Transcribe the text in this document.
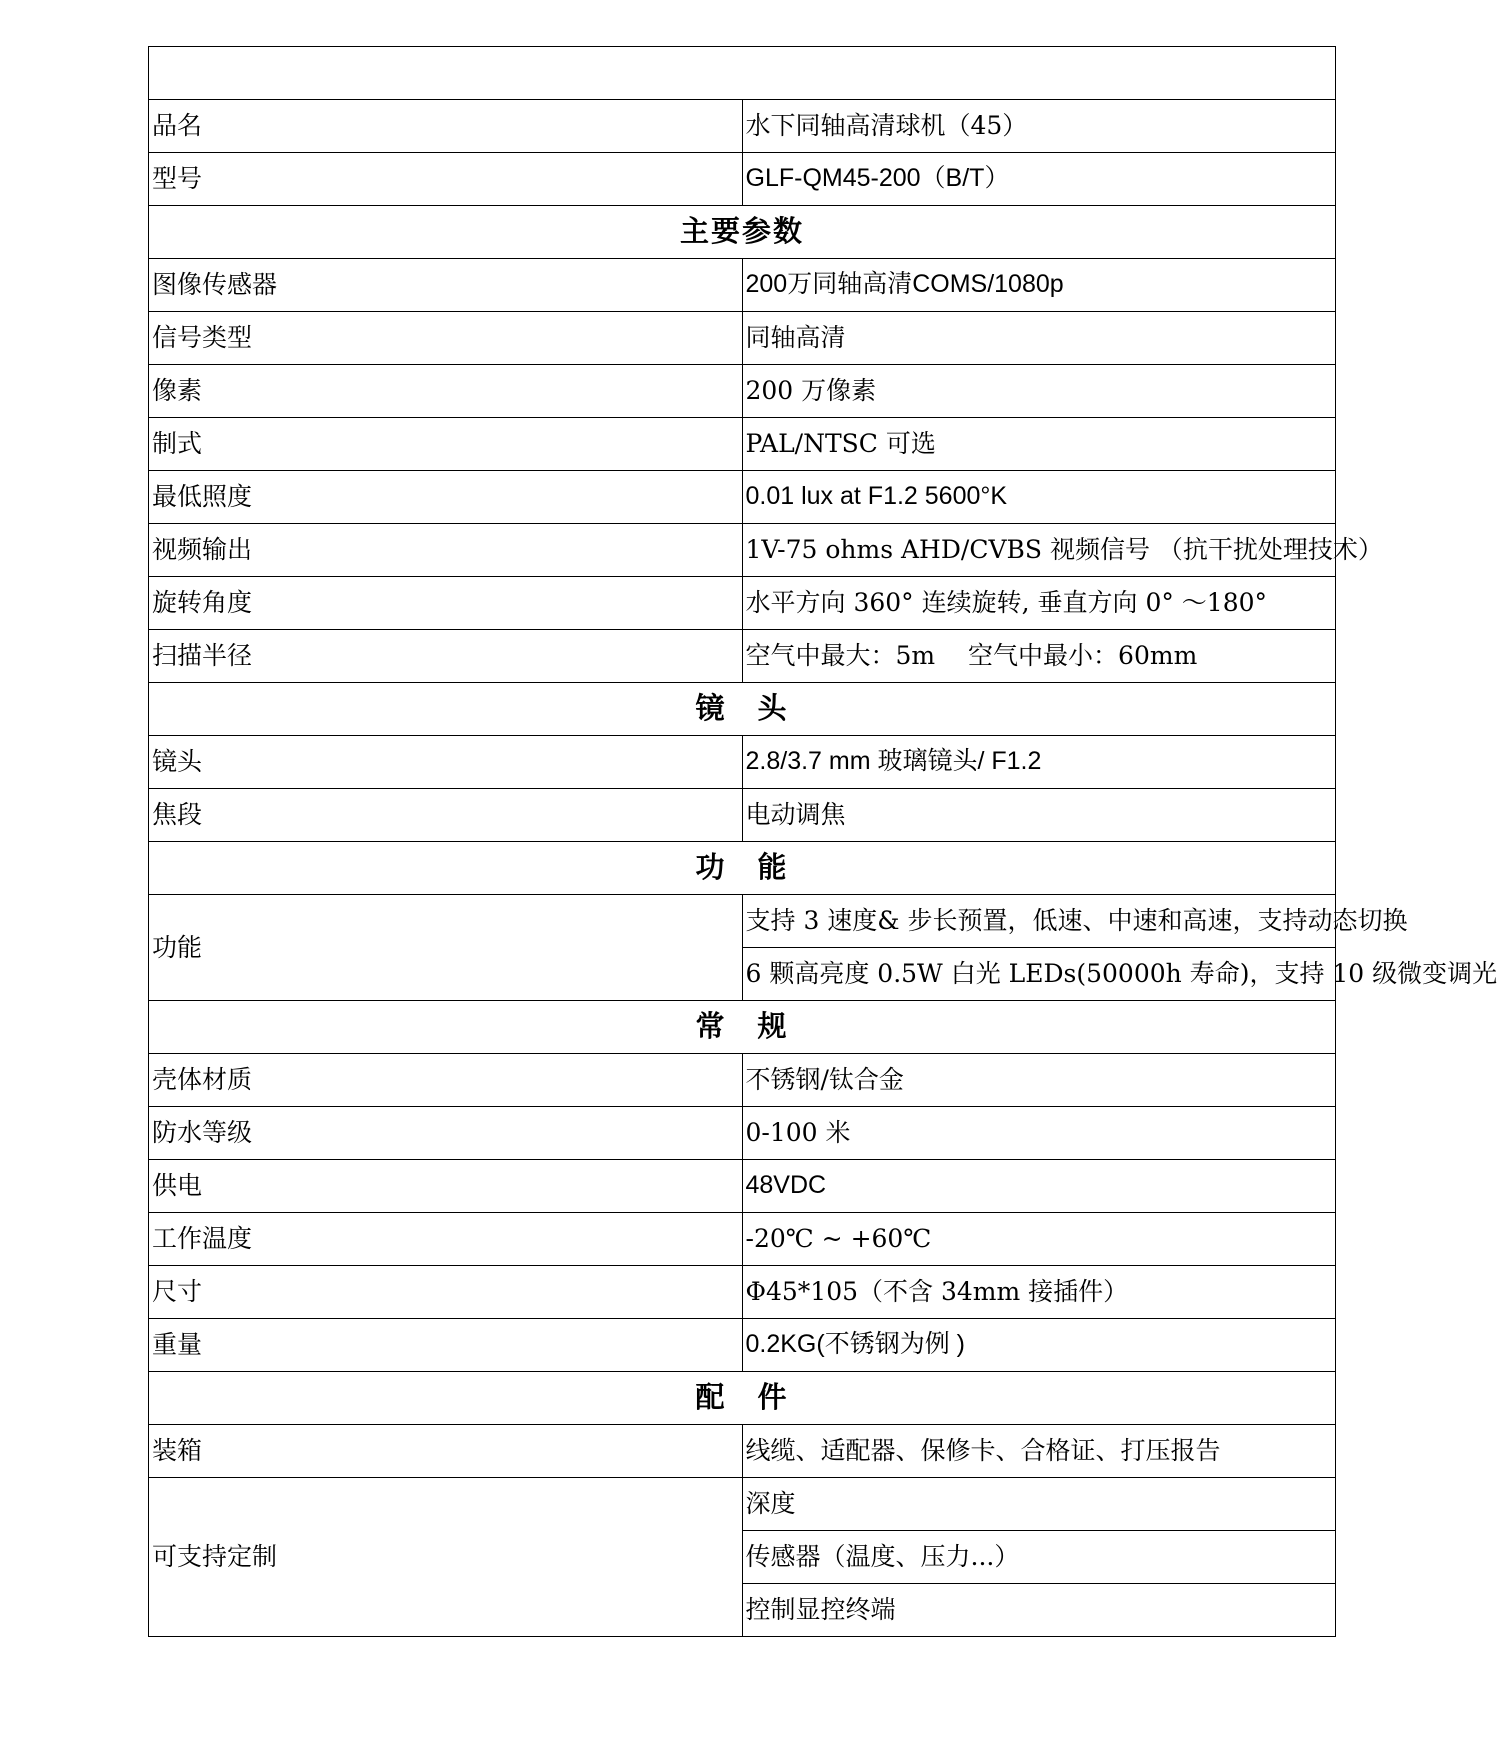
品名	水下同轴高清球机（45）
型号	GLF-QM45-200（B/T）
主要参数	
图像传感器	200万同轴高清COMS/1080p
信号类型	同轴高清
像素	200 万像素
制式	PAL/NTSC 可选
最低照度	0.01 lux at F1.2 5600°K
视频输出	1V-75 ohms AHD/CVBS 视频信号 （抗干扰处理技术）
旋转角度	水平方向 360° 连续旋转, 垂直方向 0° ～180°
扫描半径	空气中最大：5m　 空气中最小：60mm
镜　头	
镜头	2.8/3.7 mm 玻璃镜头/ F1.2
焦段	电动调焦
功　能	
功能	支持 3 速度& 步长预置，低速、中速和高速，支持动态切换
	6 颗高亮度 0.5W 白光 LEDs(50000h 寿命)，支持 10 级微变调光
常　规	
壳体材质	不锈钢/钛合金
防水等级	0-100 米
供电	48VDC
工作温度	-20℃ ~ +60℃
尺寸	Φ45*105（不含 34mm 接插件）
重量	0.2KG(不锈钢为例 )
配　件	
装箱	线缆、适配器、保修卡、合格证、打压报告
可支持定制	深度
	传感器（温度、压力...）
	控制显控终端
